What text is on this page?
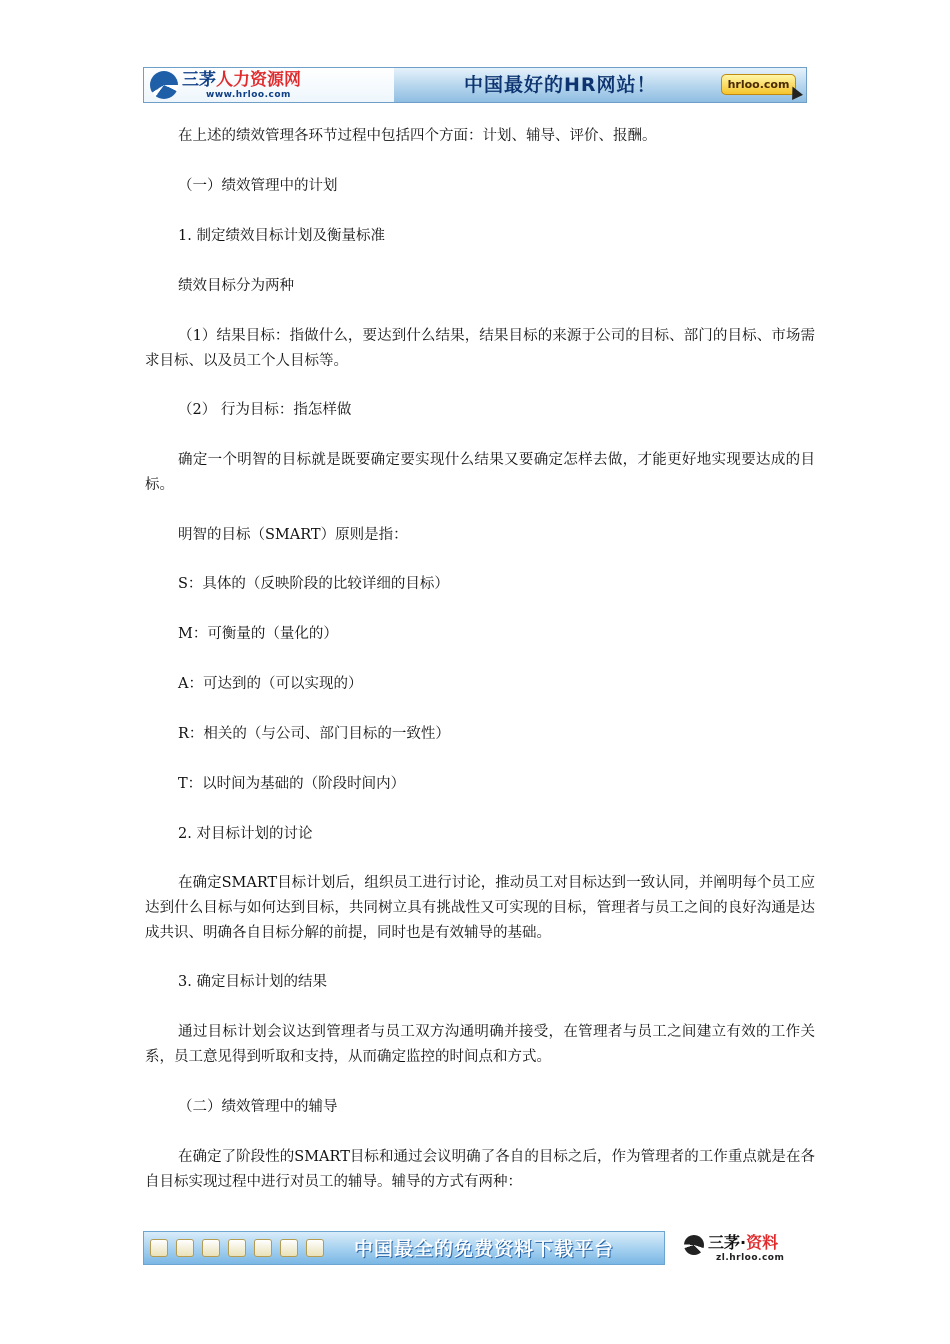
三茅人力资源网
www.hrloo.com	中国最好的HR网站！	hrloo.com

在上述的绩效管理各环节过程中包括四个方面：计划、辅导、评价、报酬。

（一）绩效管理中的计划

1. 制定绩效目标计划及衡量标准

绩效目标分为两种

（1）结果目标：指做什么，要达到什么结果，结果目标的来源于公司的目标、部门的目标、市场需求目标、以及员工个人目标等。

（2） 行为目标：指怎样做

确定一个明智的目标就是既要确定要实现什么结果又要确定怎样去做，才能更好地实现要达成的目标。

明智的目标（SMART）原则是指：

S：具体的（反映阶段的比较详细的目标）

M：可衡量的（量化的）

A：可达到的（可以实现的）

R：相关的（与公司、部门目标的一致性）

T：以时间为基础的（阶段时间内）

2. 对目标计划的讨论

在确定SMART目标计划后，组织员工进行讨论，推动员工对目标达到一致认同，并阐明每个员工应达到什么目标与如何达到目标，共同树立具有挑战性又可实现的目标，管理者与员工之间的良好沟通是达成共识、明确各自目标分解的前提，同时也是有效辅导的基础。

3. 确定目标计划的结果

通过目标计划会议达到管理者与员工双方沟通明确并接受，在管理者与员工之间建立有效的工作关系，员工意见得到听取和支持，从而确定监控的时间点和方式。

（二）绩效管理中的辅导

在确定了阶段性的SMART目标和通过会议明确了各自的目标之后，作为管理者的工作重点就是在各自目标实现过程中进行对员工的辅导。辅导的方式有两种：

中国最全的免费资料下载平台	三茅·资料
zl.hrloo.com
